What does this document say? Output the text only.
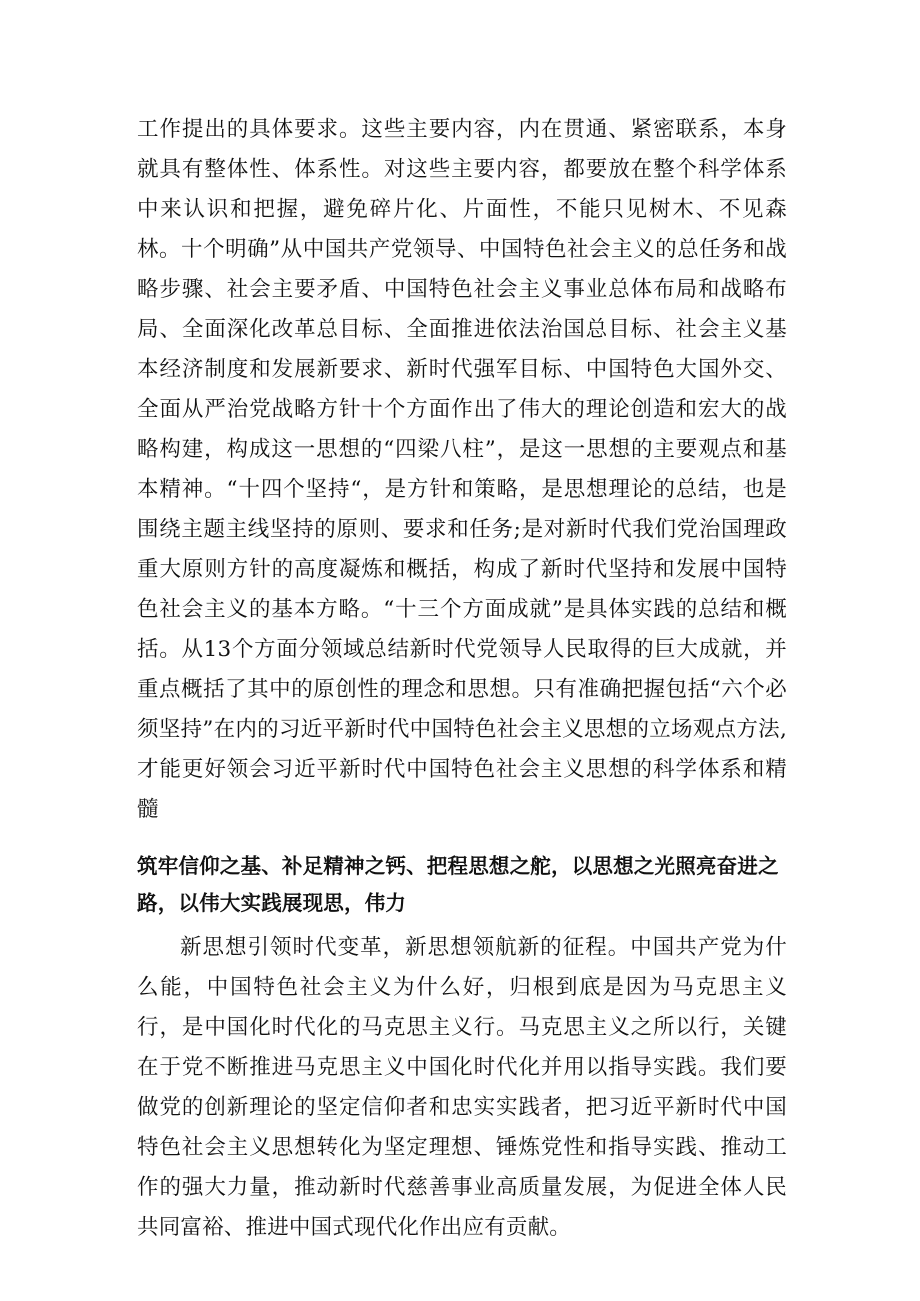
工作提出的具体要求。这些主要内容，内在贯通、紧密联系，本身就具有整体性、体系性。对这些主要内容，都要放在整个科学体系中来认识和把握，避免碎片化、片面性，不能只见树木、不见森林。十个明确”从中国共产党领导、中国特色社会主义的总任务和战略步骤、社会主要矛盾、中国特色社会主义事业总体布局和战略布局、全面深化改革总目标、全面推进依法治国总目标、社会主义基本经济制度和发展新要求、新时代强军目标、中国特色大国外交、全面从严治党战略方针十个方面作出了伟大的理论创造和宏大的战略构建，构成这一思想的“四梁八柱”，是这一思想的主要观点和基本精神。“十四个坚持“，是方针和策略，是思想理论的总结，也是围绕主题主线坚持的原则、要求和任务;是对新时代我们党治国理政重大原则方针的高度凝炼和概括，构成了新时代坚持和发展中国特色社会主义的基本方略。“十三个方面成就”是具体实践的总结和概括。从13个方面分领域总结新时代党领导人民取得的巨大成就，并重点概括了其中的原创性的理念和思想。只有准确把握包括“六个必须坚持”在内的习近平新时代中国特色社会主义思想的立场观点方法,才能更好领会习近平新时代中国特色社会主义思想的科学体系和精髓

筑牢信仰之基、补足精神之钙、把程思想之舵，以思想之光照亮奋进之路，以伟大实践展现思，伟力

新思想引领时代变革，新思想领航新的征程。中国共产党为什么能，中国特色社会主义为什么好，归根到底是因为马克思主义行，是中国化时代化的马克思主义行。马克思主义之所以行，关键在于党不断推进马克思主义中国化时代化并用以指导实践。我们要做党的创新理论的坚定信仰者和忠实实践者，把习近平新时代中国特色社会主义思想转化为坚定理想、锤炼党性和指导实践、推动工作的强大力量，推动新时代慈善事业高质量发展，为促进全体人民共同富裕、推进中国式现代化作出应有贡献。
